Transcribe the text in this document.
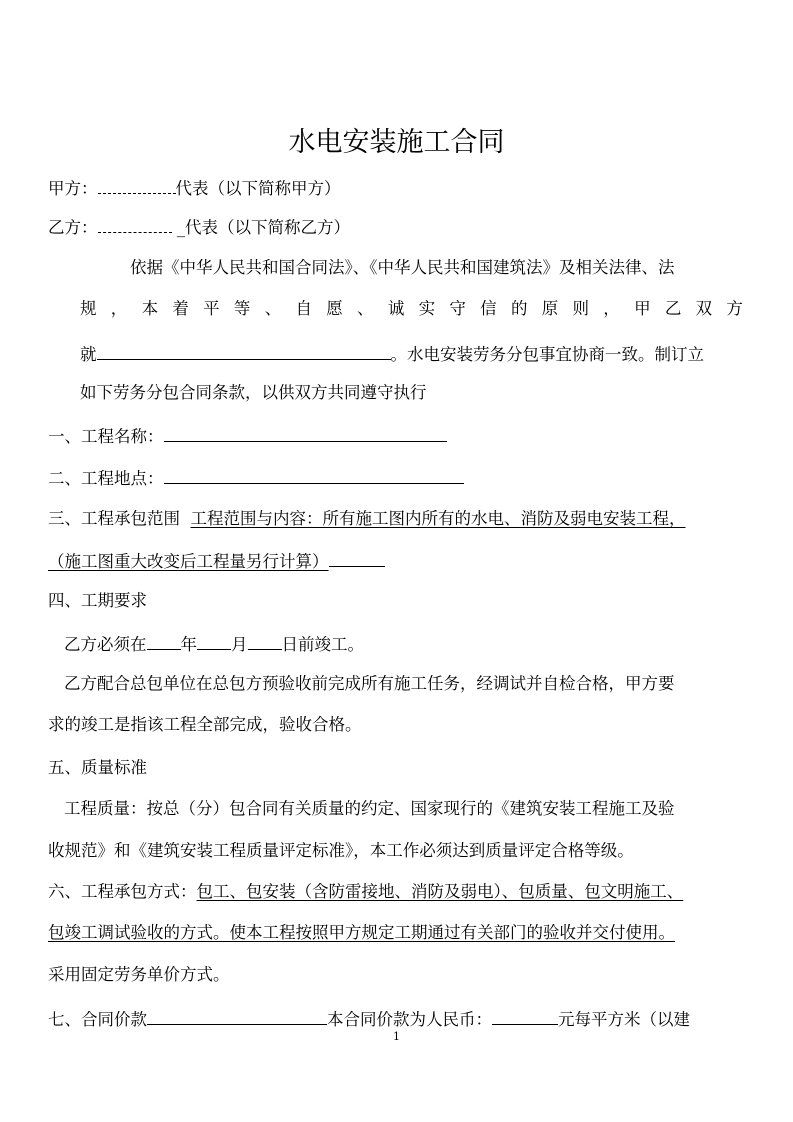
水电安装施工合同
甲方：	代表（以下简称甲方）
乙方：	_代表（以下简称乙方）
依据《中华人民共和国合同法》、《中华人民共和国建筑法》及相关法律、法
规 ， 本 着 平 等 、 自 愿 、 诚 实 守 信 的 原 则 ， 甲 乙 双 方
就	。水电安装劳务分包事宜协商一致。制订立
如下劳务分包合同条款，以供双方共同遵守执行
一、工程名称：
二、工程地点：
三、工程承包范围 工程范围与内容：所有施工图内所有的水电、消防及弱电安装工程，
（施工图重大改变后工程量另行计算）
四、工期要求
乙方必须在 年 月 日前竣工。
乙方配合总包单位在总包方预验收前完成所有施工任务，经调试并自检合格，甲方要
求的竣工是指该工程全部完成，验收合格。
五、质量标准
工程质量：按总（分）包合同有关质量的约定、国家现行的《建筑安装工程施工及验
收规范》和《建筑安装工程质量评定标准》，本工作必须达到质量评定合格等级。
六、工程承包方式：包工、包安装（含防雷接地、消防及弱电）、包质量、包文明施工、
包竣工调试验收的方式。使本工程按照甲方规定工期通过有关部门的验收并交付使用。
采用固定劳务单价方式。
七、合同价款	本合同价款为人民币：	元每平方米（以建
1
